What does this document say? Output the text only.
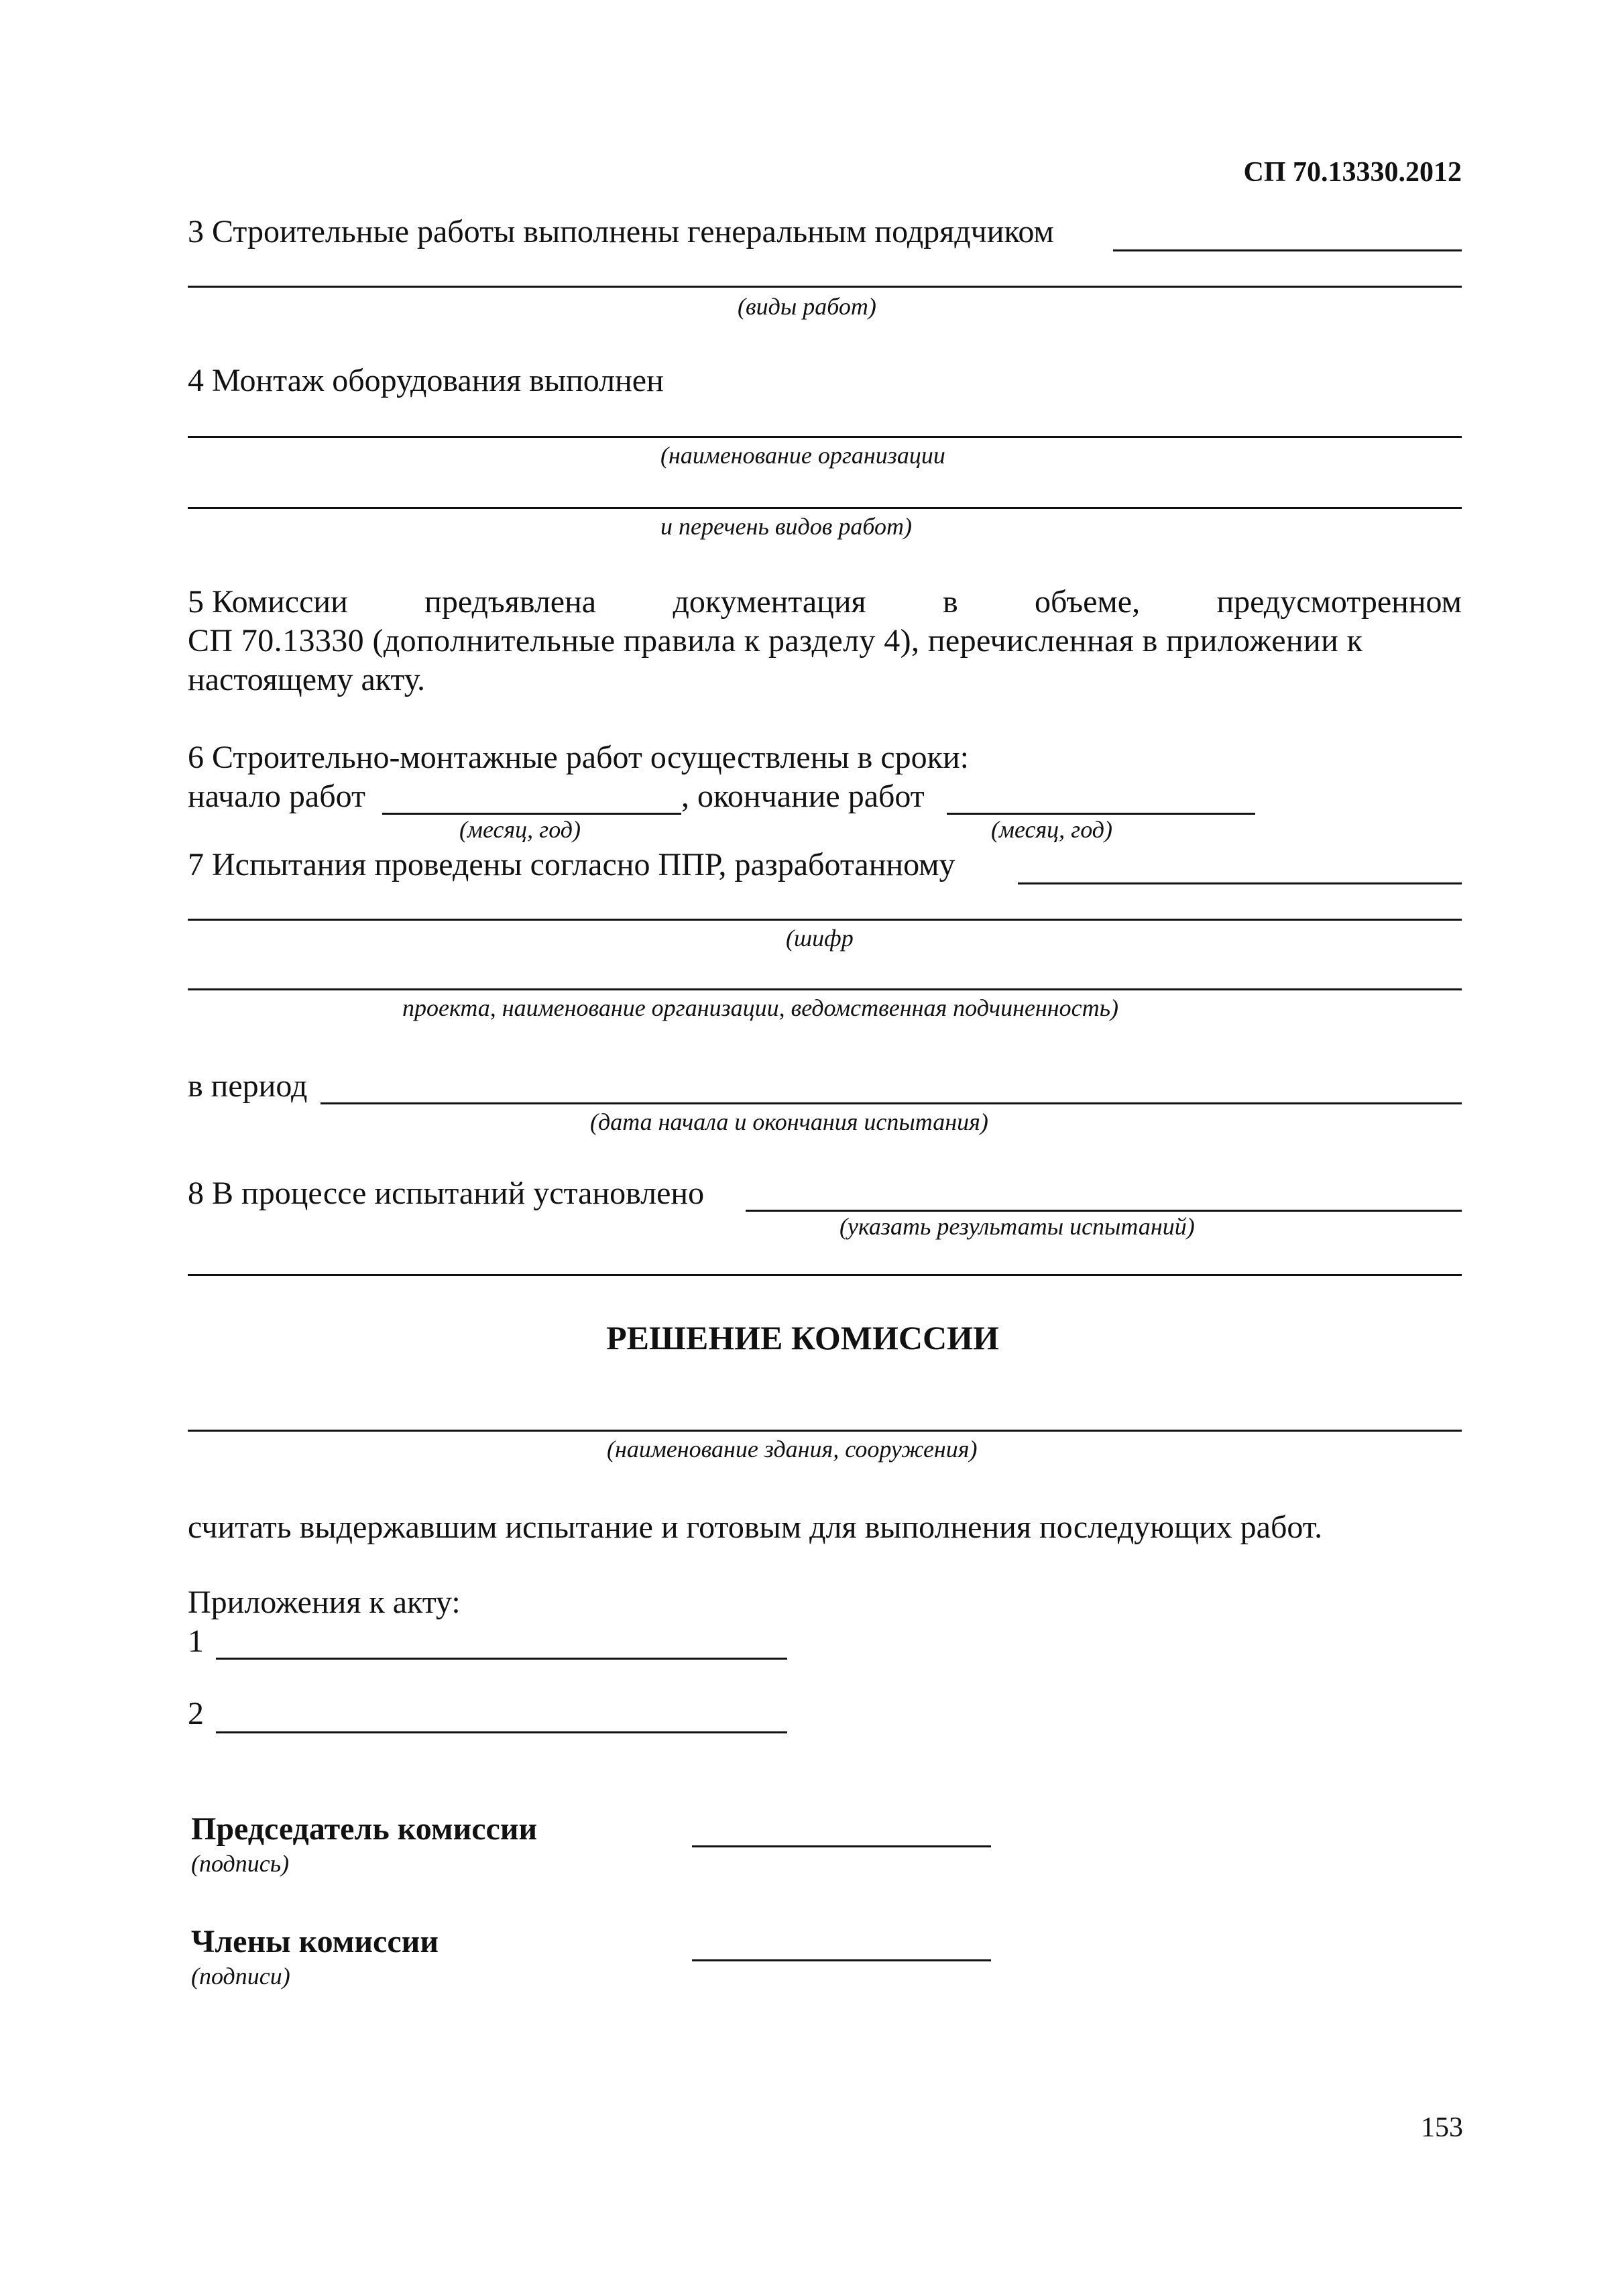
СП 70.13330.2012
3 Строительные работы выполнены генеральным подрядчиком
(виды работ)
4 Монтаж оборудования выполнен
(наименование организации
и перечень видов работ)
5 Комиссии предъявлена документация в объеме, предусмотренном
СП 70.13330 (дополнительные правила к разделу 4), перечисленная в приложении к
настоящему акту.
6 Строительно-монтажные работ осуществлены в сроки:
начало работ	, окончание работ
(месяц, год)	(месяц, год)
7 Испытания проведены согласно ППР, разработанному
(шифр
проекта, наименование организации, ведомственная подчиненность)
в период
(дата начала и окончания испытания)
8 В процессе испытаний установлено
(указать результаты испытаний)
РЕШЕНИЕ КОМИССИИ
(наименование здания, сооружения)
считать выдержавшим испытание и готовым для выполнения последующих работ.
Приложения к акту:
1
2
Председатель комиссии
(подпись)
Члены комиссии
(подписи)
153
